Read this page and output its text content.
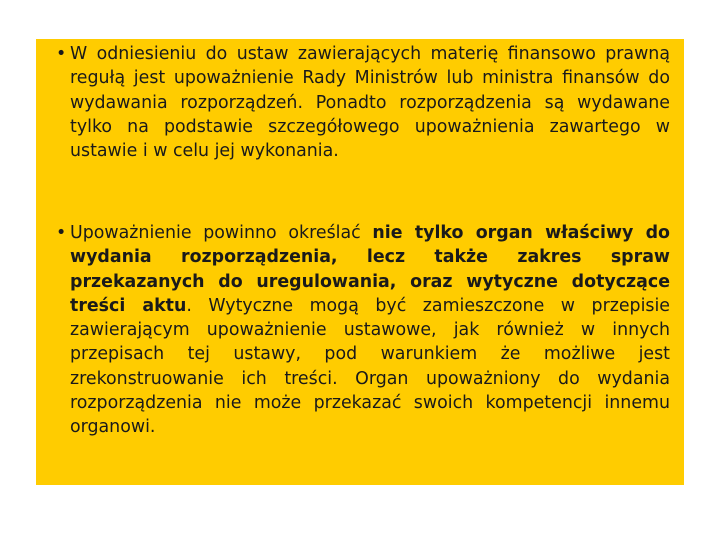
• W odniesieniu do ustaw zawierających materię finansowo prawną regułą jest upoważnienie Rady Ministrów lub ministra finansów do wydawania rozporządzeń. Ponadto rozporządzenia są wydawane tylko na podstawie szczegółowego upoważnienia zawartego w ustawie i w celu jej wykonania.
• Upoważnienie powinno określać nie tylko organ właściwy do wydania rozporządzenia, lecz także zakres spraw przekazanych do uregulowania, oraz wytyczne dotyczące treści aktu. Wytyczne mogą być zamieszczone w przepisie zawierającym upoważnienie ustawowe, jak również w innych przepisach tej ustawy, pod warunkiem że możliwe jest zrekonstruowanie ich treści. Organ upoważniony do wydania rozporządzenia nie może przekazać swoich kompetencji innemu organowi.
